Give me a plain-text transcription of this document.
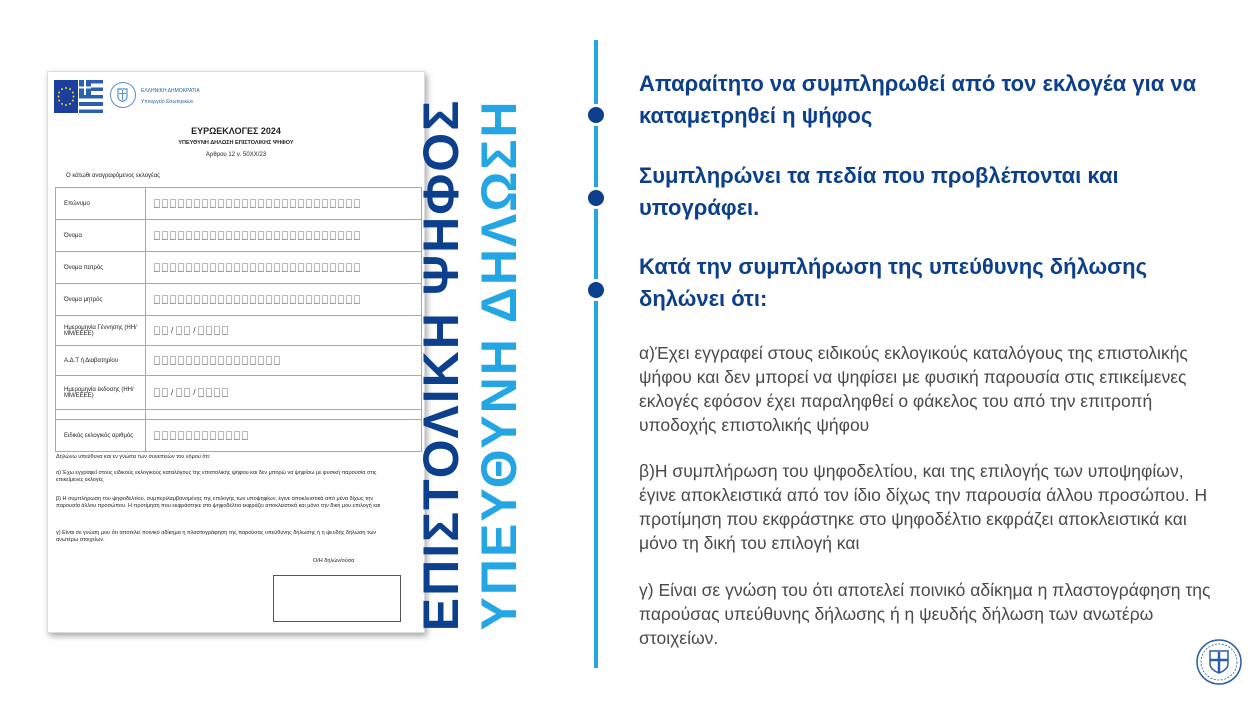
ΕΛΛΗΝΙΚΗ ΔΗΜΟΚΡΑΤΙΑ
Υπουργείο Εσωτερικών
ΕΥΡΩΕΚΛΟΓΕΣ 2024
ΥΠΕΥΘΥΝΗ ΔΗΛΩΣΗ ΕΠΙΣΤΟΛΙΚΗΣ ΨΗΦΟΥ
Άρθρου 12 ν. 50ΧΧ/23
Ο κάτωθι αναγραφόμενος εκλογέας
Επώνυμο	

Όνομα	

Όνομα πατρός	

Όνομα μητρός	

Ημερομηνία Γέννησης (ΗΗ/ΜΜ/ΕΕΕΕ)	/ /

Α.Δ.Τ ή Διαβατηρίου	

Ημερομηνία έκδοσης (ΗΗ/ΜΜ/ΕΕΕΕ)	/ /

Ειδικός εκλογικός αριθμός	
Δηλώνω υπεύθυνα και εν γνώσει των συνεπειών του νόμου ότι:
α) Έχω εγγραφεί στους ειδικούς εκλογικούς καταλόγους της επιστολικής ψήφου και δεν μπορώ να ψηφίσω με φυσική παρουσία στις επικείμενες εκλογές
β) Η συμπλήρωση του ψηφοδελτίου, συμπεριλαμβανομένης της επιλογής των υποψηφίων, έγινε αποκλειστικά από μένα δίχως την παρουσία άλλου προσώπου. Η προτίμηση που εκφράστηκε στο ψηφοδέλτιο εκφράζει αποκλειστικά και μόνο την δική μου επιλογή και
γ) Είναι σε γνώση μου ότι αποτελεί ποινικό αδίκημα η πλαστογράφηση της παρούσας υπεύθυνης δήλωσης ή η ψευδής δήλωση των ανωτέρω στοιχείων.
Ο/Η δηλών/ούσα ΕΠΙΣΤΟΛΙΚΗ ΨΗΦΟΣ ΥΠΕΥΘΥΝΗ ΔΗΛΩΣΗ
Απαραίτητο να συμπληρωθεί από τον εκλογέα για να καταμετρηθεί η ψήφος
Συμπληρώνει τα πεδία που προβλέπονται και υπογράφει.
Κατά την συμπλήρωση της υπεύθυνης δήλωσης δηλώνει ότι:
α)Έχει εγγραφεί στους ειδικούς εκλογικούς καταλόγους της επιστολικής ψήφου και δεν μπορεί να ψηφίσει με φυσική παρουσία στις επικείμενες εκλογές εφόσον έχει παραληφθεί ο φάκελος του από την επιτροπή υποδοχής επιστολικής ψήφου
β)Η συμπλήρωση του ψηφοδελτίου, και της επιλογής των υποψηφίων, έγινε αποκλειστικά από τον ίδιο δίχως την παρουσία άλλου προσώπου. Η προτίμηση που εκφράστηκε στο ψηφοδέλτιο εκφράζει αποκλειστικά και μόνο τη δική του επιλογή και
γ) Είναι σε γνώση του ότι αποτελεί ποινικό αδίκημα η πλαστογράφηση της παρούσας υπεύθυνης δήλωσης ή η ψευδής δήλωση των ανωτέρω στοιχείων.
